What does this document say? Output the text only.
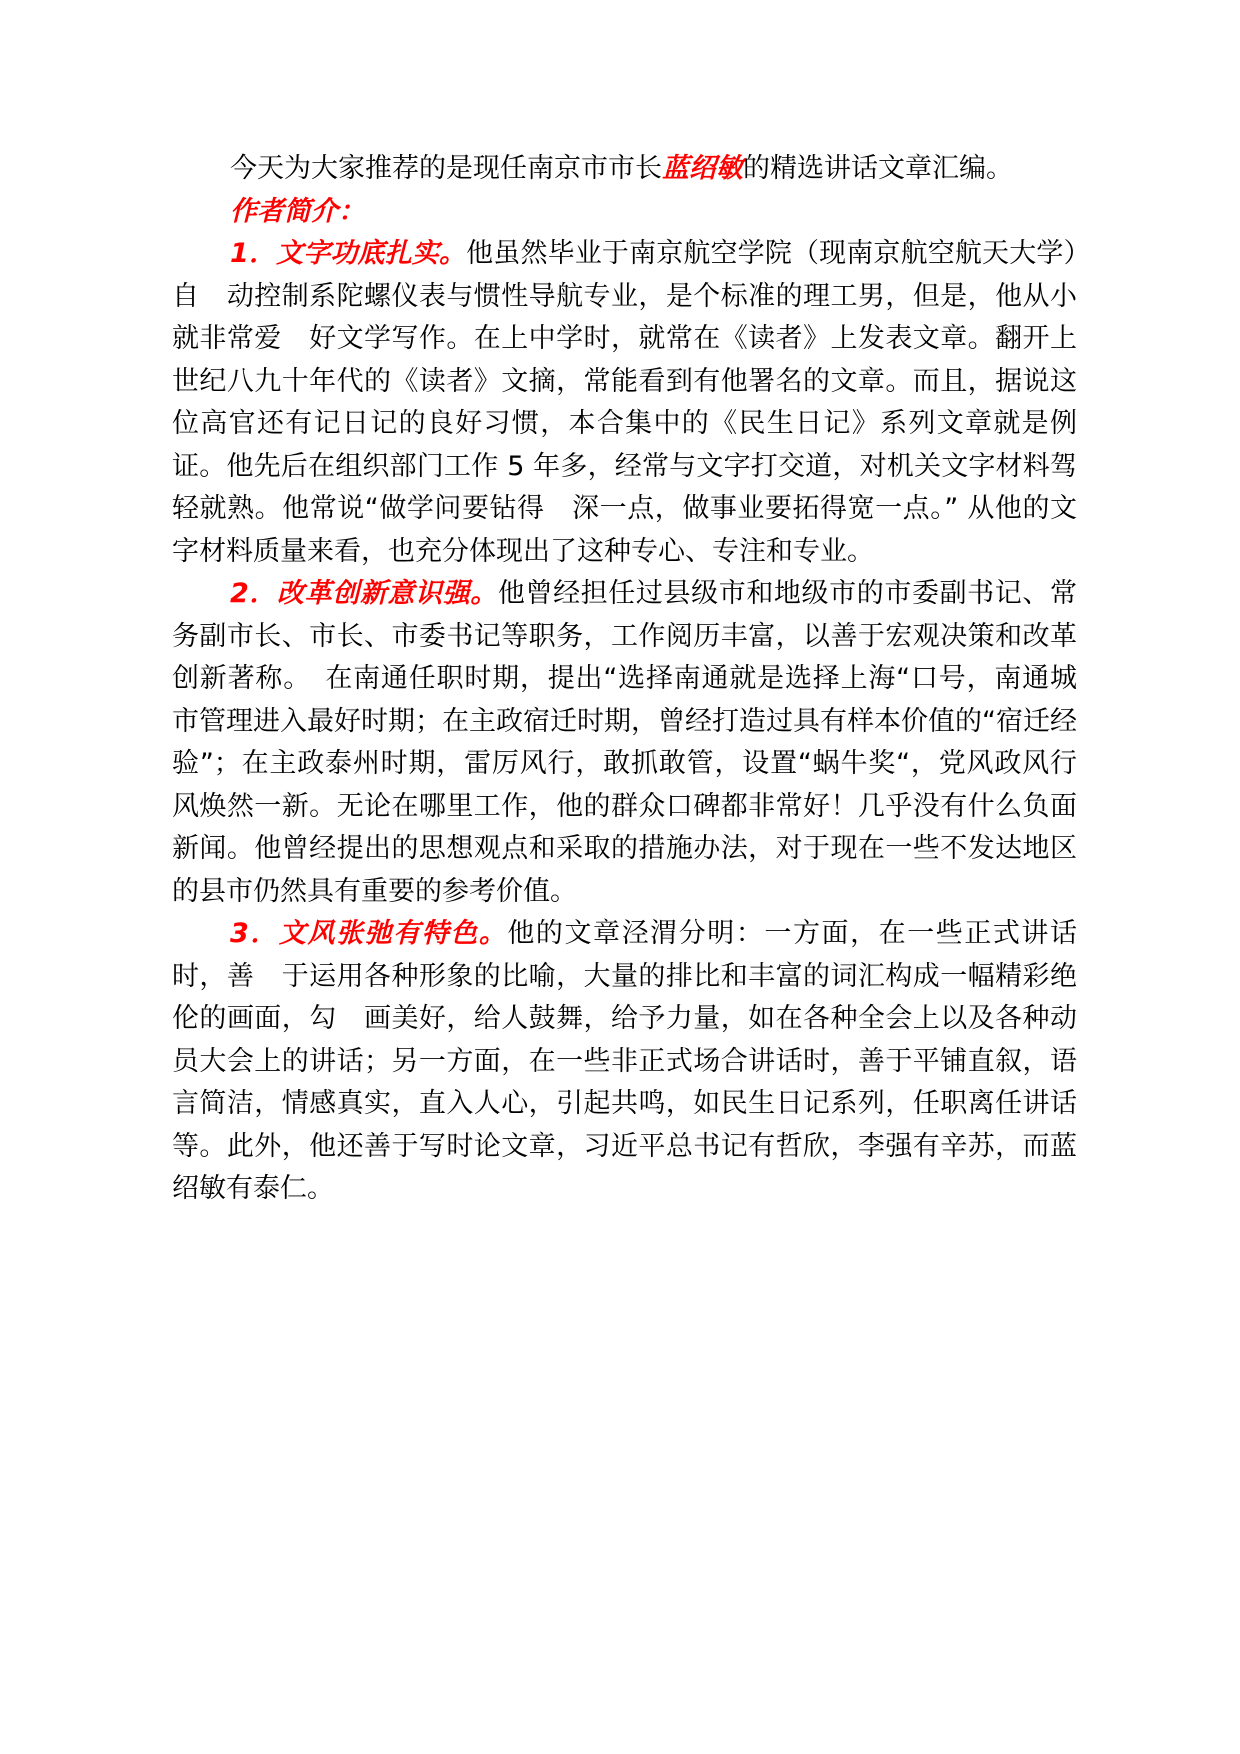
今天为大家推荐的是现任南京市市长蓝绍敏的精选讲话文章汇编。

作者简介：

1．文字功底扎实。他虽然毕业于南京航空学院（现南京航空航天大学）自　动控制系陀螺仪表与惯性导航专业，是个标准的理工男，但是，他从小就非常爱　好文学写作。在上中学时，就常在《读者》上发表文章。翻开上世纪八九十年代的《读者》文摘，常能看到有他署名的文章。而且，据说这位高官还有记日记的良好习惯，本合集中的《民生日记》系列文章就是例证。他先后在组织部门工作 5 年多，经常与文字打交道，对机关文字材料驾轻就熟。他常说“做学问要钻得　深一点，做事业要拓得宽一点。” 从他的文字材料质量来看，也充分体现出了这种专心、专注和专业。

2．改革创新意识强。他曾经担任过县级市和地级市的市委副书记、常务副市长、市长、市委书记等职务，工作阅历丰富，以善于宏观决策和改革创新著称。　在南通任职时期，提出“选择南通就是选择上海“口号，南通城市管理进入最好时期；在主政宿迁时期，曾经打造过具有样本价值的“宿迁经验”；在主政泰州时期，雷厉风行，敢抓敢管，设置“蜗牛奖“，党风政风行风焕然一新。无论在哪里工作，他的群众口碑都非常好！几乎没有什么负面新闻。他曾经提出的思想观点和采取的措施办法，对于现在一些不发达地区的县市仍然具有重要的参考价值。

3．文风张弛有特色。他的文章泾渭分明：一方面，在一些正式讲话时，善　于运用各种形象的比喻，大量的排比和丰富的词汇构成一幅精彩绝伦的画面，勾　画美好，给人鼓舞，给予力量，如在各种全会上以及各种动员大会上的讲话；另一方面，在一些非正式场合讲话时，善于平铺直叙，语言简洁，情感真实，直入人心，引起共鸣，如民生日记系列，任职离任讲话等。此外，他还善于写时论文章，习近平总书记有哲欣，李强有辛苏，而蓝绍敏有泰仁。
